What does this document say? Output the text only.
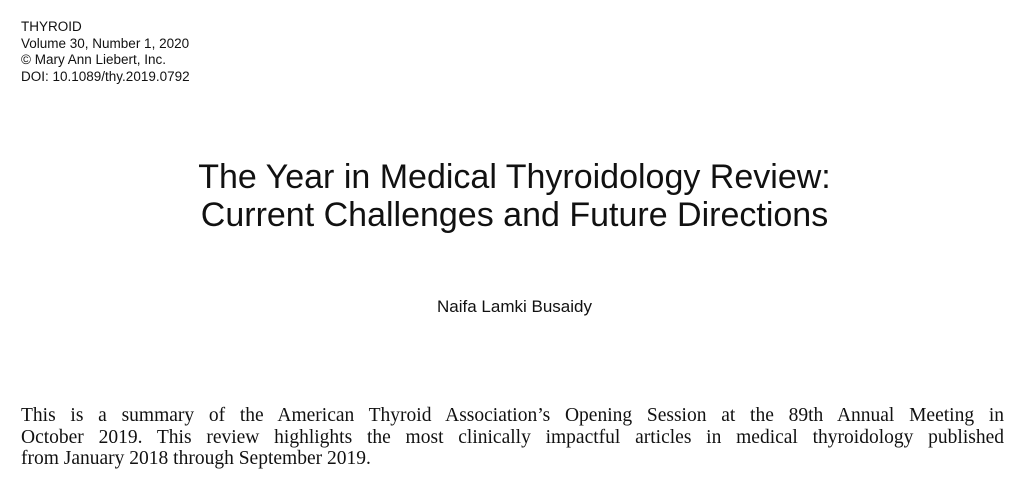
THYROID
Volume 30, Number 1, 2020
© Mary Ann Liebert, Inc.
DOI: 10.1089/thy.2019.0792
The Year in Medical Thyroidology Review:
Current Challenges and Future Directions
Naifa Lamki Busaidy
This is a summary of the American Thyroid Association’s Opening Session at the 89th Annual Meeting in
October 2019. This review highlights the most clinically impactful articles in medical thyroidology published
from January 2018 through September 2019.
